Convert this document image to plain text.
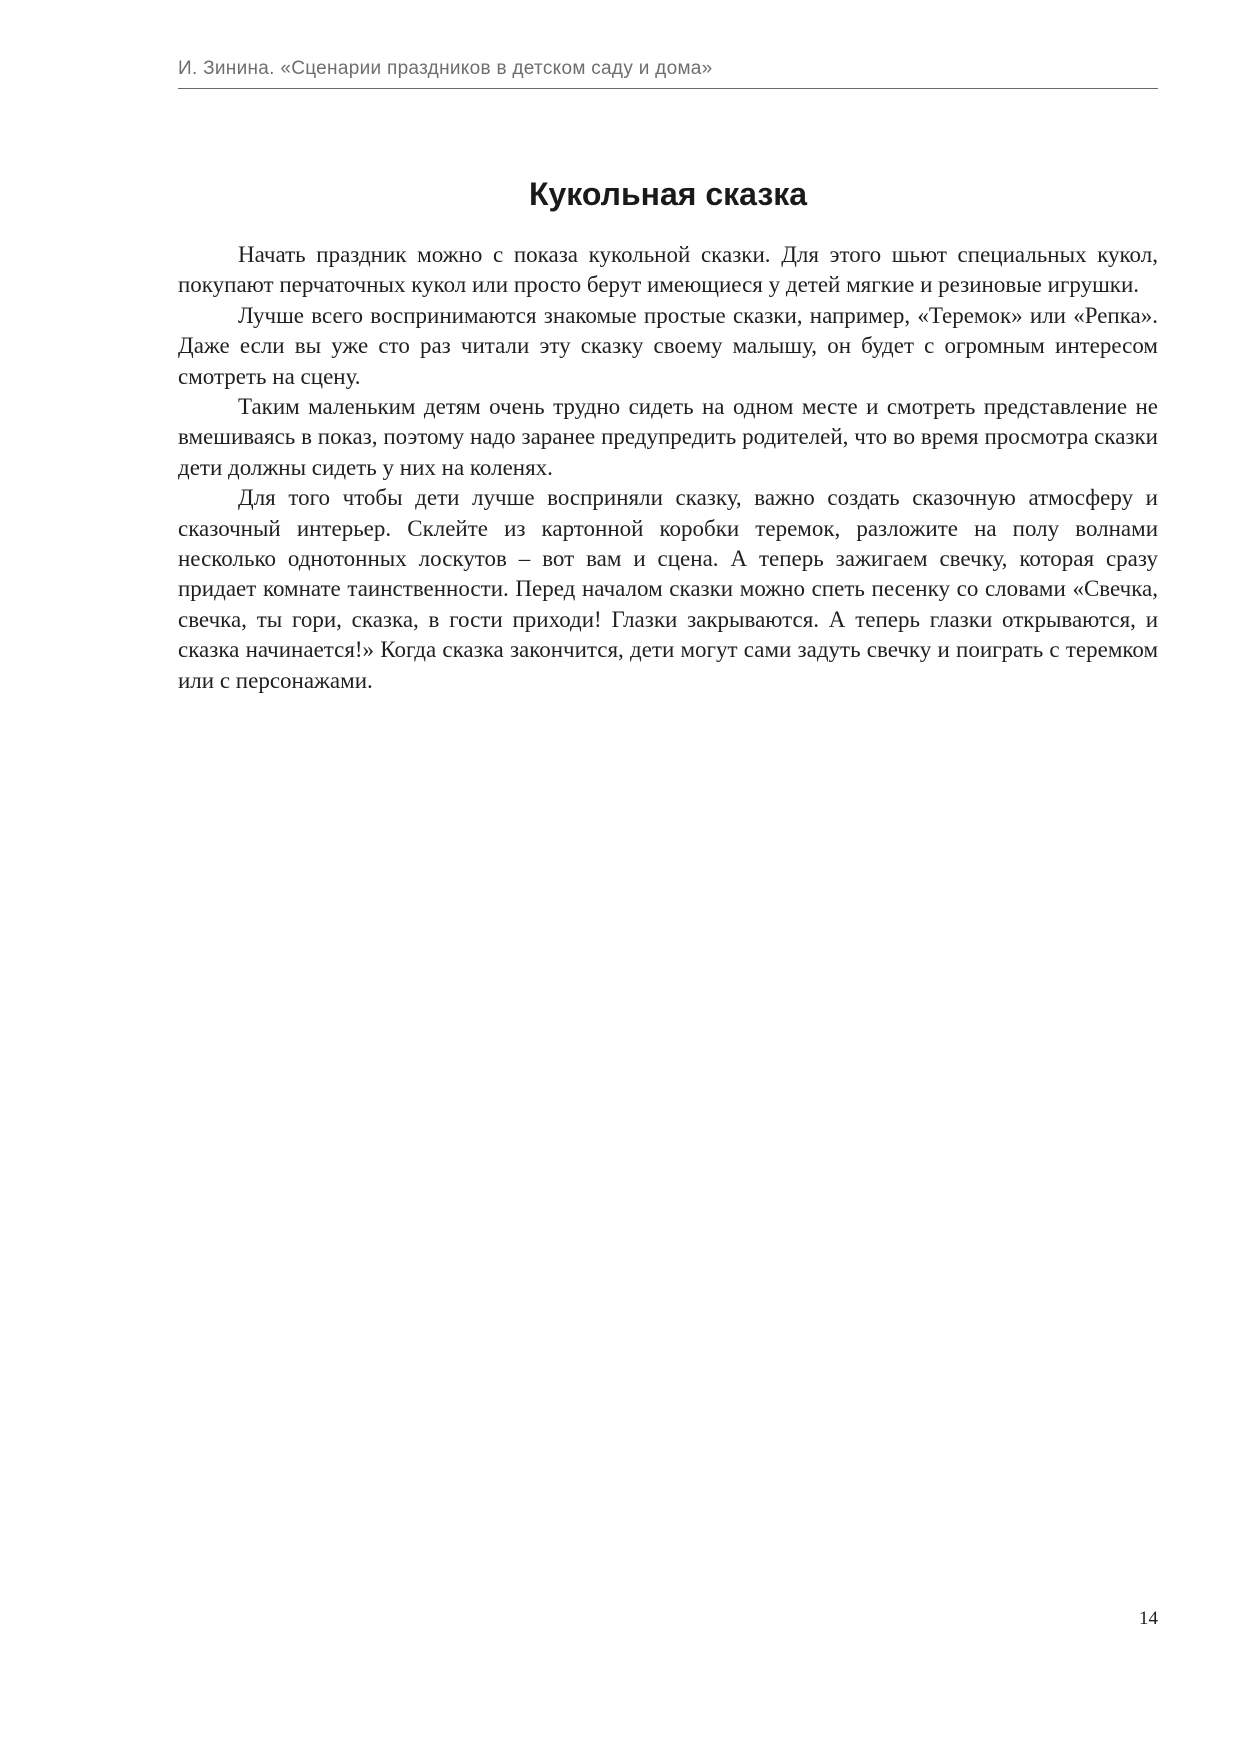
И. Зинина. «Сценарии праздников в детском саду и дома»
Кукольная сказка

Начать праздник можно с показа кукольной сказки. Для этого шьют специальных кукол, покупают перчаточных кукол или просто берут имеющиеся у детей мягкие и резиновые игрушки.

Лучше всего воспринимаются знакомые простые сказки, например, «Теремок» или «Репка». Даже если вы уже сто раз читали эту сказку своему малышу, он будет с огромным интересом смотреть на сцену.

Таким маленьким детям очень трудно сидеть на одном месте и смотреть представление не вмешиваясь в показ, поэтому надо заранее предупредить родителей, что во время просмотра сказки дети должны сидеть у них на коленях.

Для того чтобы дети лучше восприняли сказку, важно создать сказочную атмосферу и сказочный интерьер. Склейте из картонной коробки теремок, разложите на полу волнами несколько однотонных лоскутов – вот вам и сцена. А теперь зажигаем свечку, которая сразу придает комнате таинственности. Перед началом сказки можно спеть песенку со словами «Свечка, свечка, ты гори, сказка, в гости приходи! Глазки закрываются. А теперь глазки открываются, и сказка начинается!» Когда сказка закончится, дети могут сами задуть свечку и поиграть с теремком или с персонажами.

14
